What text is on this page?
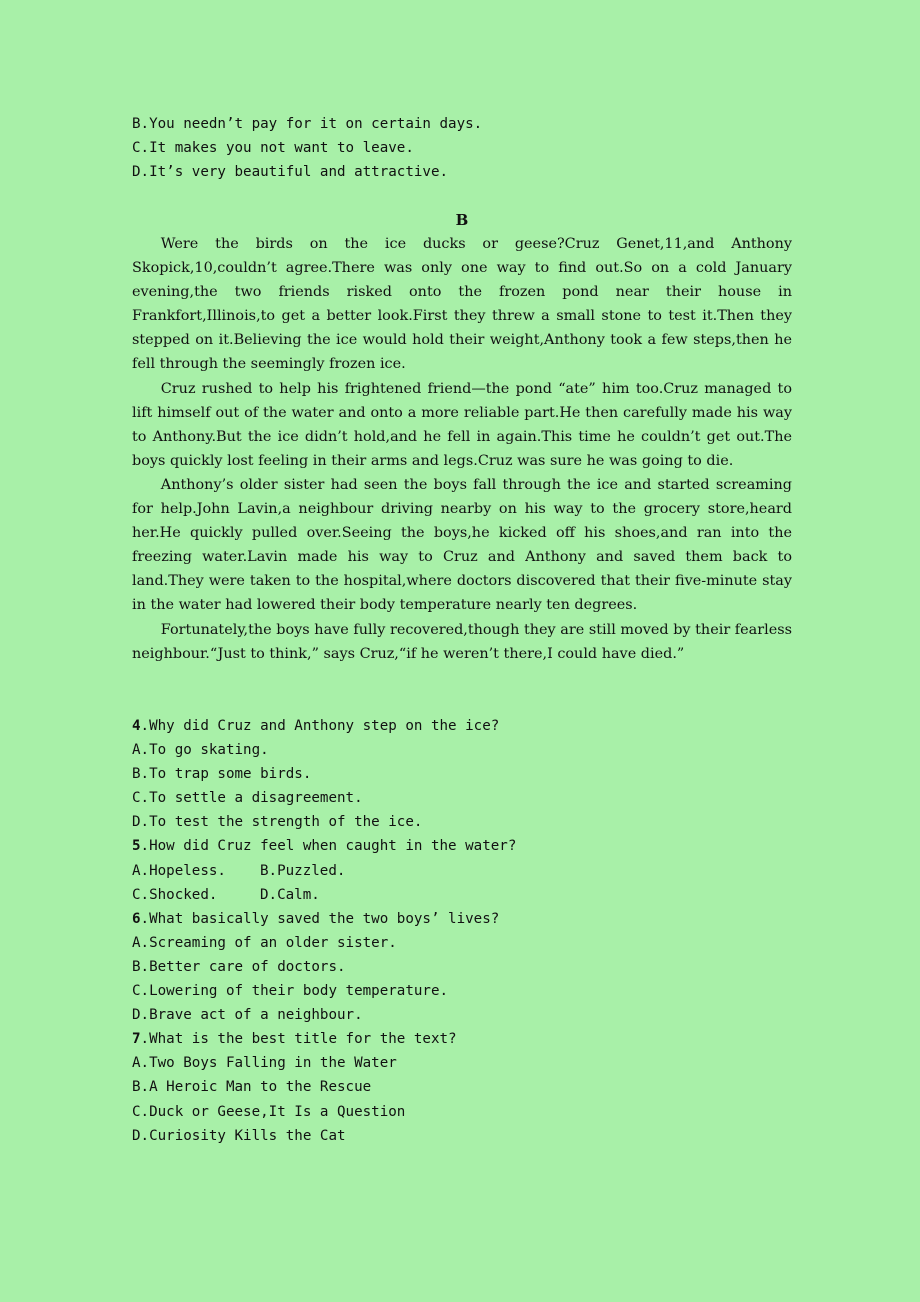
B.You needn’t pay for it on certain days.

C.It makes you not want to leave.

D.It’s very beautiful and attractive.

B

Were the birds on the ice ducks or geese?Cruz Genet,11,and Anthony Skopick,10,couldn’t agree.There was only one way to find out.So on a cold January evening,the two friends risked onto the frozen pond near their house in Frankfort,Illinois,to get a better look.First they threw a small stone to test it.Then they stepped on it.Believing the ice would hold their weight,Anthony took a few steps,then he fell through the seemingly frozen ice.

Cruz rushed to help his frightened friend—the pond “ate” him too.Cruz managed to lift himself out of the water and onto a more reliable part.He then carefully made his way to Anthony.But the ice didn’t hold,and he fell in again.This time he couldn’t get out.The boys quickly lost feeling in their arms and legs.Cruz was sure he was going to die.

Anthony’s older sister had seen the boys fall through the ice and started screaming for help.John Lavin,a neighbour driving nearby on his way to the grocery store,heard her.He quickly pulled over.Seeing the boys,he kicked off his shoes,and ran into the freezing water.Lavin made his way to Cruz and Anthony and saved them back to land.They were taken to the hospital,where doctors discovered that their five-minute stay in the water had lowered their body temperature nearly ten degrees.

Fortunately,the boys have fully recovered,though they are still moved by their fearless neighbour.“Just to think,” says Cruz,“if he weren’t there,I could have died.”

4.Why did Cruz and Anthony step on the ice?

A.To go skating.

B.To trap some birds.

C.To settle a disagreement.

D.To test the strength of the ice.

5.How did Cruz feel when caught in the water?

A.Hopeless. B.Puzzled.

C.Shocked.	D.Calm.

6.What basically saved the two boys’ lives?

A.Screaming of an older sister.

B.Better care of doctors.

C.Lowering of their body temperature.

D.Brave act of a neighbour.

7.What is the best title for the text?

A.Two Boys Falling in the Water

B.A Heroic Man to the Rescue

C.Duck or Geese,It Is a Question

D.Curiosity Kills the Cat
